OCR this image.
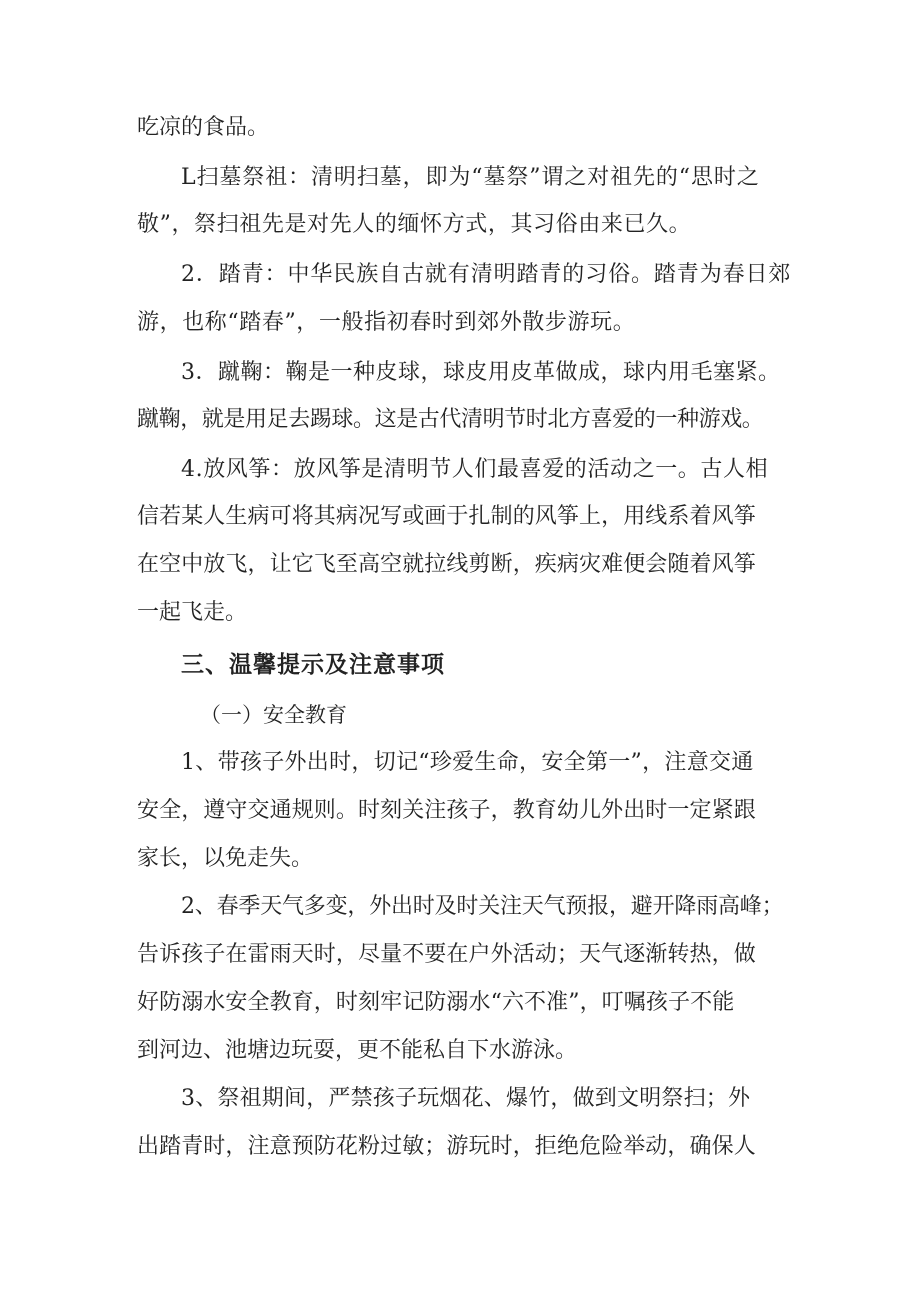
吃凉的食品。
L扫墓祭祖：清明扫墓，即为“墓祭”谓之对祖先的“思时之
敬”，祭扫祖先是对先人的缅怀方式，其习俗由来已久。
2．踏青：中华民族自古就有清明踏青的习俗。踏青为春日郊
游，也称“踏春”，一般指初春时到郊外散步游玩。
3．蹴鞠：鞠是一种皮球，球皮用皮革做成，球内用毛塞紧。
蹴鞠，就是用足去踢球。这是古代清明节时北方喜爱的一种游戏。
4.放风筝：放风筝是清明节人们最喜爱的活动之一。古人相
信若某人生病可将其病况写或画于扎制的风筝上，用线系着风筝
在空中放飞，让它飞至高空就拉线剪断，疾病灾难便会随着风筝
一起飞走。
三、温馨提示及注意事项
（一）安全教育
1、带孩子外出时，切记“珍爱生命，安全第一”，注意交通
安全，遵守交通规则。时刻关注孩子，教育幼儿外出时一定紧跟
家长，以免走失。
2、春季天气多变，外出时及时关注天气预报，避开降雨高峰；
告诉孩子在雷雨天时，尽量不要在户外活动；天气逐渐转热，做
好防溺水安全教育，时刻牢记防溺水“六不准”，叮嘱孩子不能
到河边、池塘边玩耍，更不能私自下水游泳。
3、祭祖期间，严禁孩子玩烟花、爆竹，做到文明祭扫；外
出踏青时，注意预防花粉过敏；游玩时，拒绝危险举动，确保人
